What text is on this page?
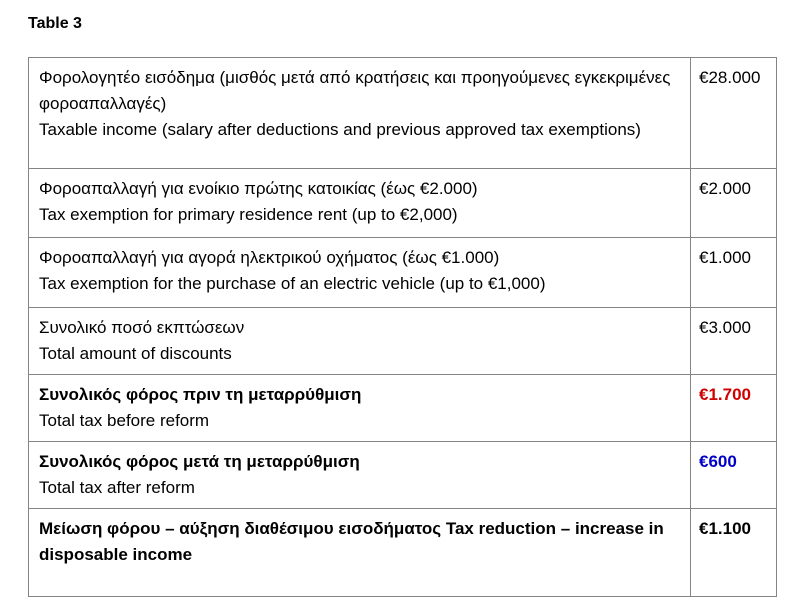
Table 3
Φορολογητέο εισόδημα (μισθός μετά από κρατήσεις και προηγούμενες εγκεκριμένες φοροαπαλλαγές)
Taxable income (salary after deductions and previous approved tax exemptions)	€28.000

Φοροαπαλλαγή για ενοίκιο πρώτης κατοικίας (έως €2.000)
Tax exemption for primary residence rent (up to €2,000)	€2.000

Φοροαπαλλαγή για αγορά ηλεκτρικού οχήματος (έως €1.000)
Tax exemption for the purchase of an electric vehicle (up to €1,000)	€1.000

Συνολικό ποσό εκπτώσεων
Total amount of discounts	€3.000

Συνολικός φόρος πριν τη μεταρρύθμιση
Total tax before reform	€1.700

Συνολικός φόρος μετά τη μεταρρύθμιση
Total tax after reform	€600

Μείωση φόρου – αύξηση διαθέσιμου εισοδήματος Tax reduction – increase in disposable income	€1.100
